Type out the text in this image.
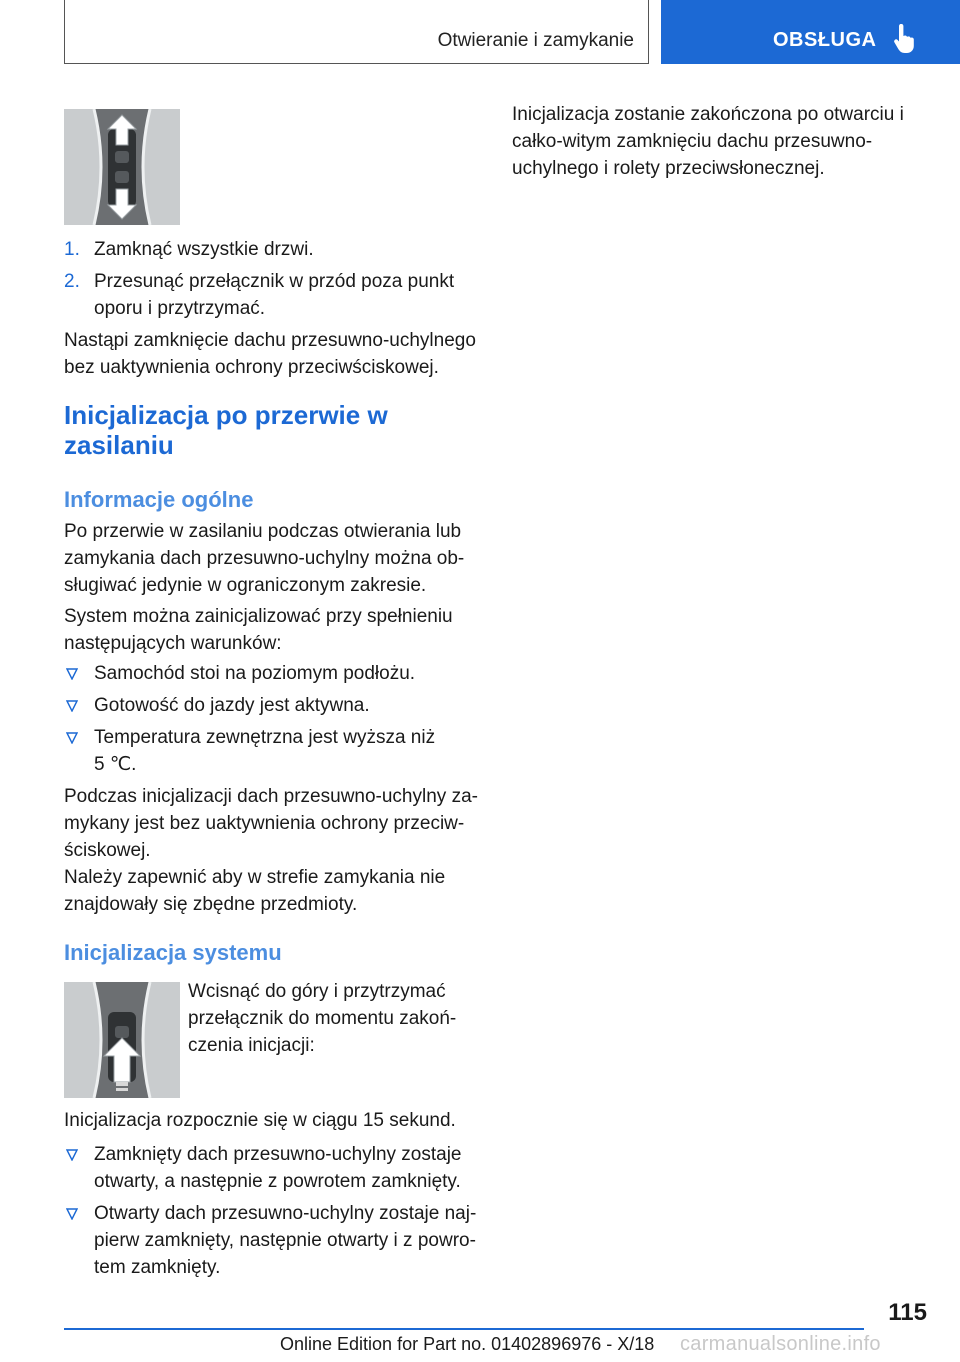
Otwieranie i zamykanie	OBSŁUGA
1. Zamknąć wszystkie drzwi.
2. Przesunąć przełącznik w przód poza punkt oporu i przytrzymać.

Nastąpi zamknięcie dachu przesuwno-uchylnego bez uaktywnienia ochrony przeciwściskowej.

Inicjalizacja po przerwie w zasilaniu
Informacje ogólne

Po przerwie w zasilaniu podczas otwierania lub zamykania dach przesuwno-uchylny można ob-sługiwać jedynie w ograniczonym zakresie.

System można zainicjalizować przy spełnieniu następujących warunków:

Samochód stoi na poziomym podłożu.
Gotowość do jazdy jest aktywna.
Temperatura zewnętrzna jest wyższa niż 5 ℃.

Podczas inicjalizacji dach przesuwno-uchylny za-mykany jest bez uaktywnienia ochrony przeciw-ściskowej.

Należy zapewnić aby w strefie zamykania nie znajdowały się zbędne przedmioty.

Inicjalizacja systemu

Wcisnąć do góry i przytrzymać przełącznik do momentu zakoń-czenia inicjacji:

Inicjalizacja rozpocznie się w ciągu 15 sekund.

Zamknięty dach przesuwno-uchylny zostaje otwarty, a następnie z powrotem zamknięty.
Otwarty dach przesuwno-uchylny zostaje naj-pierw zamknięty, następnie otwarty i z powro-tem zamknięty.

Inicjalizacja zostanie zakończona po otwarciu i całko-witym zamknięciu dachu przesuwno-uchylnego i rolety przeciwsłonecznej.

115
Online Edition for Part no. 01402896976 - X/18 carmanualsonline.info
